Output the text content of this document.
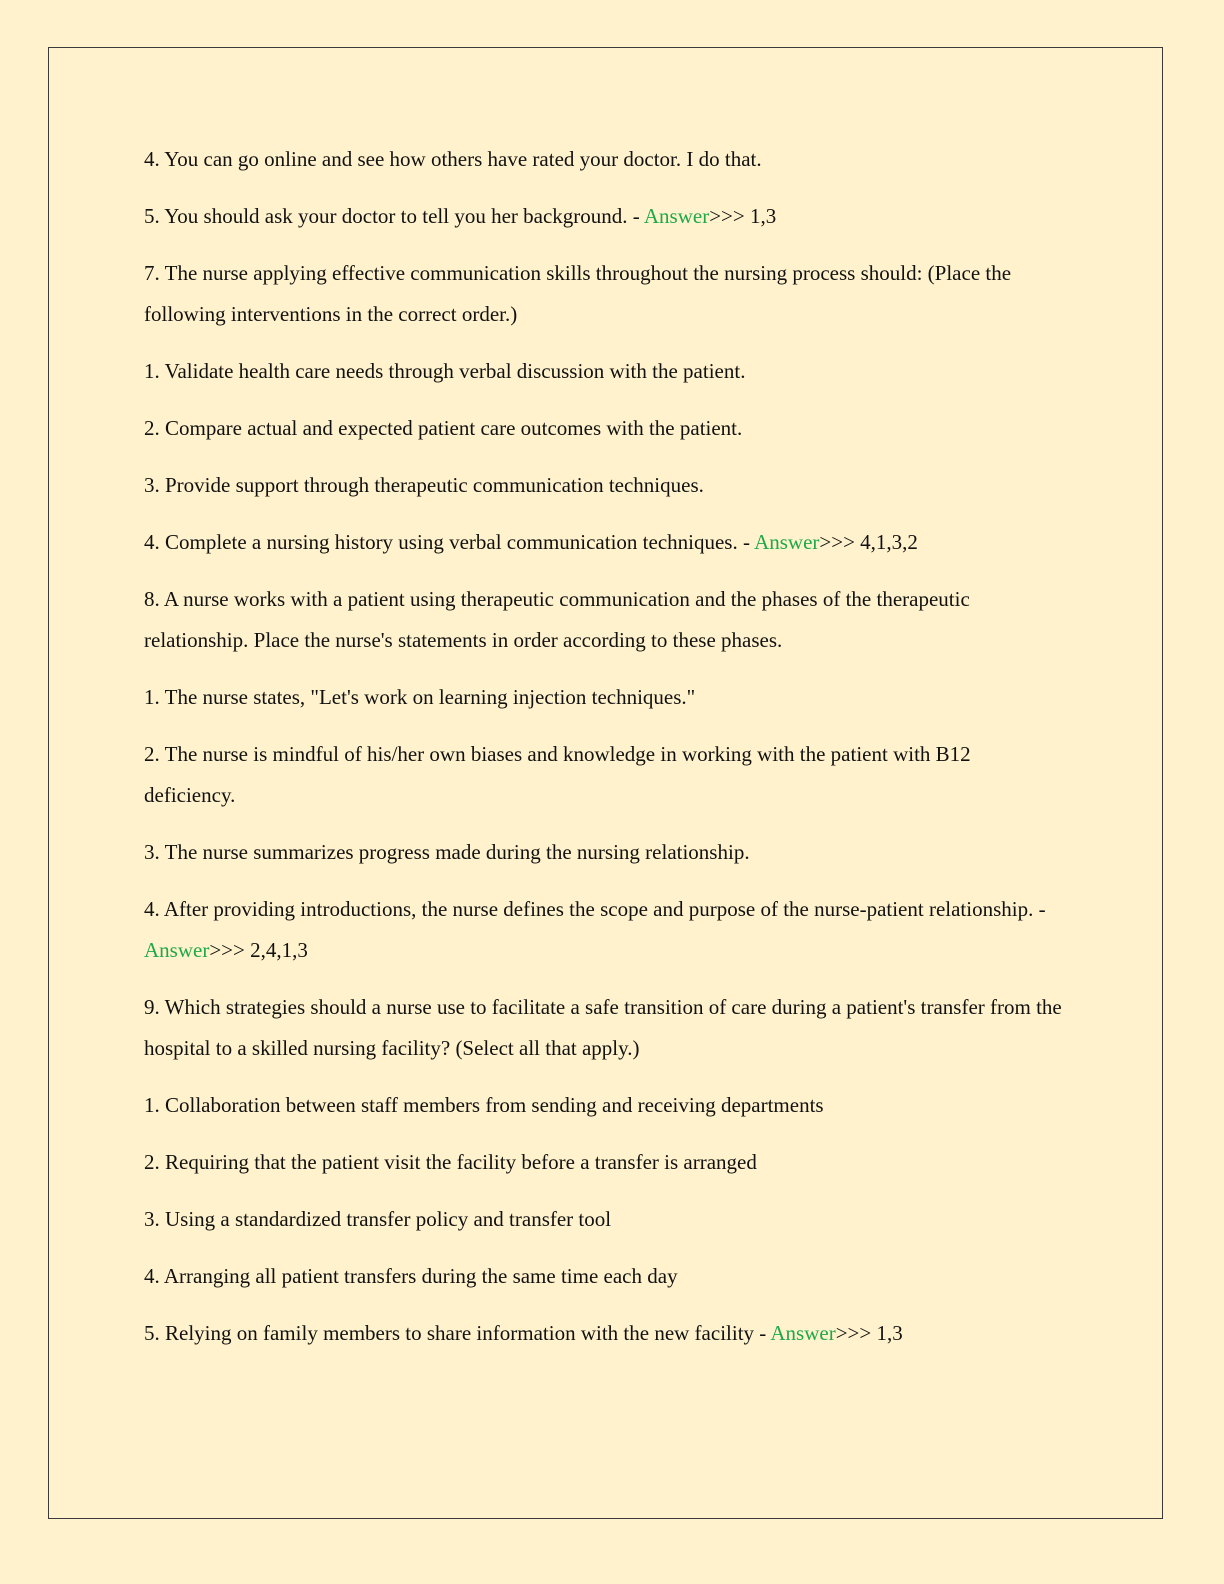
4. You can go online and see how others have rated your doctor. I do that.

5. You should ask your doctor to tell you her background. - Answer>>> 1,3

7. The nurse applying effective communication skills throughout the nursing process should: (Place the following interventions in the correct order.)

1. Validate health care needs through verbal discussion with the patient.

2. Compare actual and expected patient care outcomes with the patient.

3. Provide support through therapeutic communication techniques.

4. Complete a nursing history using verbal communication techniques. - Answer>>> 4,1,3,2

8. A nurse works with a patient using therapeutic communication and the phases of the therapeutic relationship. Place the nurse's statements in order according to these phases.

1. The nurse states, "Let's work on learning injection techniques."

2. The nurse is mindful of his/her own biases and knowledge in working with the patient with B12 deficiency.

3. The nurse summarizes progress made during the nursing relationship.

4. After providing introductions, the nurse defines the scope and purpose of the nurse-patient relationship. - Answer>>> 2,4,1,3

9. Which strategies should a nurse use to facilitate a safe transition of care during a patient's transfer from the hospital to a skilled nursing facility? (Select all that apply.)

1. Collaboration between staff members from sending and receiving departments

2. Requiring that the patient visit the facility before a transfer is arranged

3. Using a standardized transfer policy and transfer tool

4. Arranging all patient transfers during the same time each day

5. Relying on family members to share information with the new facility - Answer>>> 1,3
